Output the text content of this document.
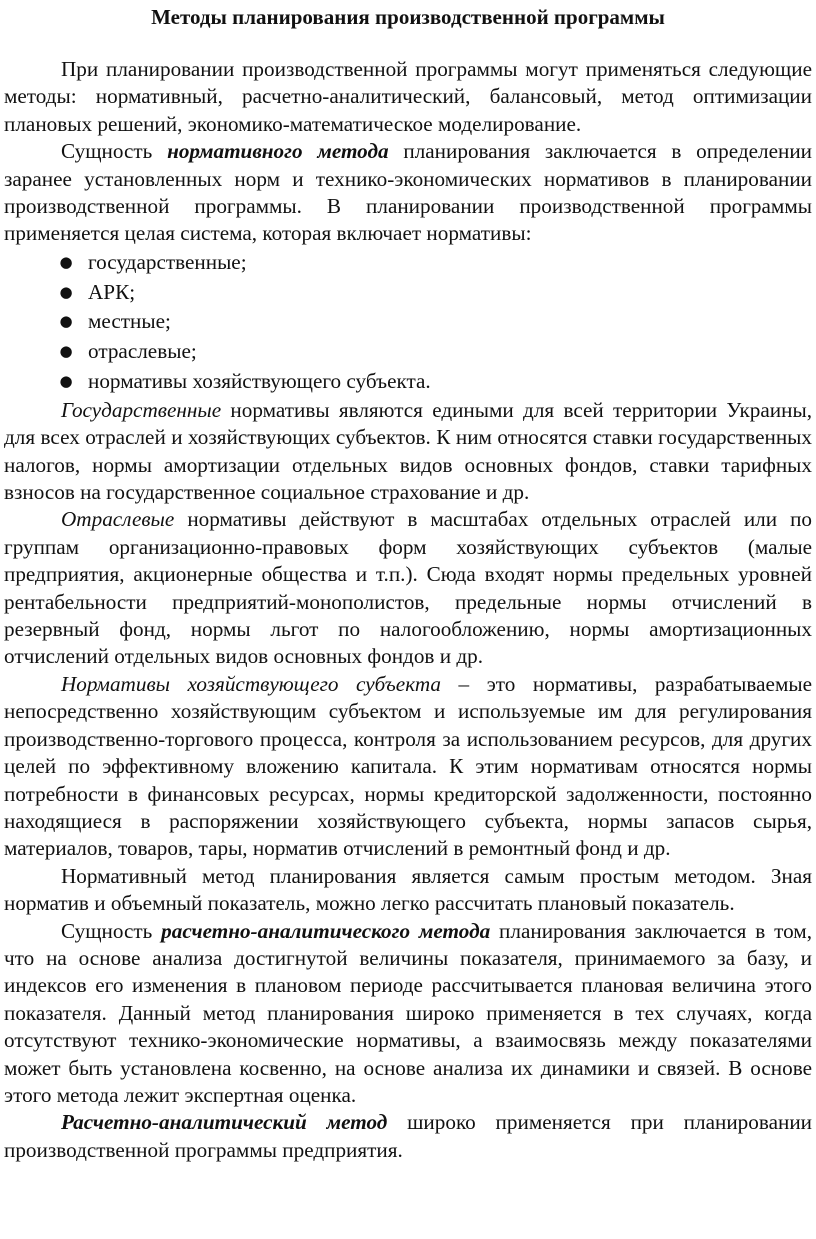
Методы планирования производственной программы

При планировании производственной программы могут применяться следующие методы: нормативный, расчетно-аналитический, балансовый, метод оптимизации плановых решений, экономико-математическое моделирование.

Сущность нормативного метода планирования заключается в определении заранее установленных норм и технико-экономических нормативов в планировании производственной программы. В планировании производственной программы применяется целая система, которая включает нормативы:

● государственные;
● АРК;
● местные;
● отраслевые;
● нормативы хозяйствующего субъекта.

Государственные нормативы являются едиными для всей территории Украины, для всех отраслей и хозяйствующих субъектов. К ним относятся ставки государственных налогов, нормы амортизации отдельных видов основных фондов, ставки тарифных взносов на государственное социальное страхование и др.

Отраслевые нормативы действуют в масштабах отдельных отраслей или по группам организационно-правовых форм хозяйствующих субъектов (малые предприятия, акционерные общества и т.п.). Сюда входят нормы предельных уровней рентабельности предприятий-монополистов, предельные нормы отчислений в резервный фонд, нормы льгот по налогообложению, нормы амортизационных отчислений отдельных видов основных фондов и др.

Нормативы хозяйствующего субъекта – это нормативы, разрабатываемые непосредственно хозяйствующим субъектом и используемые им для регулирования производственно-торгового процесса, контроля за использованием ресурсов, для других целей по эффективному вложению капитала. К этим нормативам относятся нормы потребности в финансовых ресурсах, нормы кредиторской задолженности, постоянно находящиеся в распоряжении хозяйствующего субъекта, нормы запасов сырья, материалов, товаров, тары, норматив отчислений в ремонтный фонд и др.

Нормативный метод планирования является самым простым методом. Зная норматив и объемный показатель, можно легко рассчитать плановый показатель.

Сущность расчетно-аналитического метода планирования заключается в том, что на основе анализа достигнутой величины показателя, принимаемого за базу, и индексов его изменения в плановом периоде рассчитывается плановая величина этого показателя. Данный метод планирования широко применяется в тех случаях, когда отсутствуют технико-экономические нормативы, а взаимосвязь между показателями может быть установлена косвенно, на основе анализа их динамики и связей. В основе этого метода лежит экспертная оценка.

Расчетно-аналитический метод широко применяется при планировании производственной программы предприятия.
